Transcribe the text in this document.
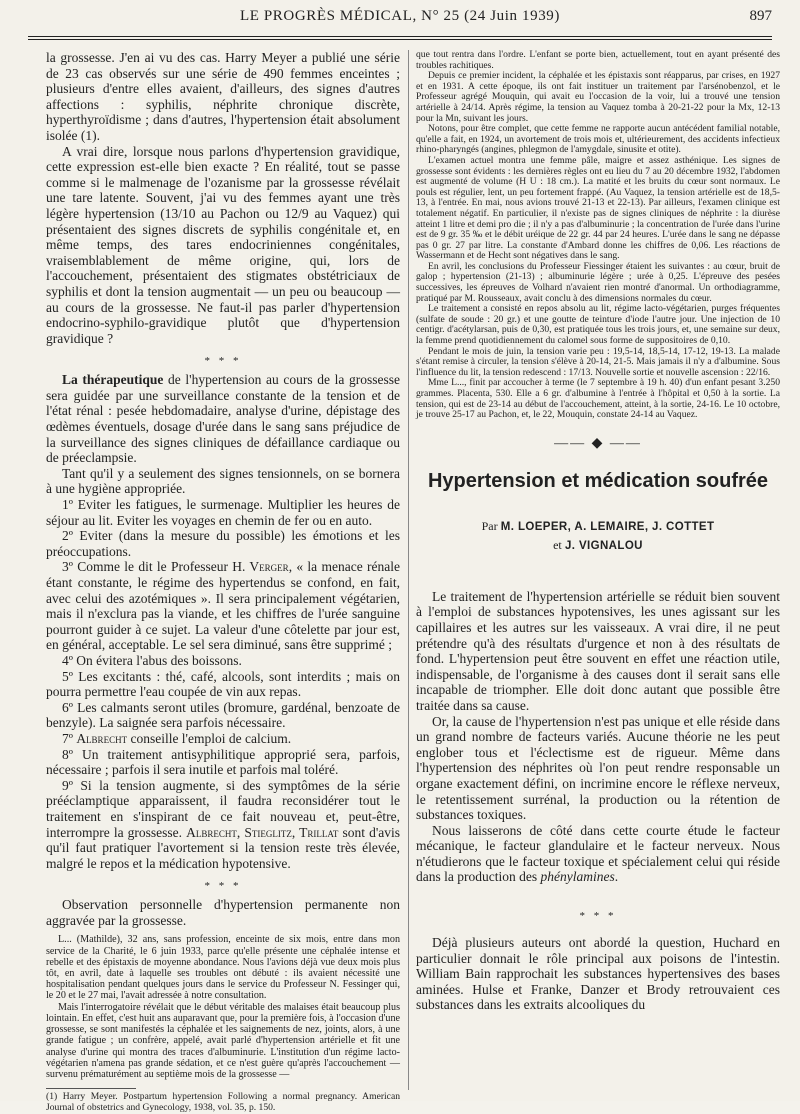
LE PROGRÈS MÉDICAL, N° 25 (24 Juin 1939)	897

la grossesse. J'en ai vu des cas. Harry Meyer a publié une série de 23 cas observés sur une série de 490 femmes enceintes ; plusieurs d'entre elles avaient, d'ailleurs, des signes d'autres affections : syphilis, néphrite chronique discrète, hyperthyroïdisme ; dans d'autres, l'hypertension était absolument isolée (1).

A vrai dire, lorsque nous parlons d'hypertension gravidique, cette expression est-elle bien exacte ? En réalité, tout se passe comme si le malmenage de l'ozanisme par la grossesse révélait une tare latente. Souvent, j'ai vu des femmes ayant une très légère hypertension (13/10 au Pachon ou 12/9 au Vaquez) qui présentaient des signes discrets de syphilis congénitale et, en même temps, des tares endocriniennes congénitales, vraisemblablement de même origine, qui, lors de l'accouchement, présentaient des stigmates obstétriciaux de syphilis et dont la tension augmentait — un peu ou beaucoup — au cours de la grossesse. Ne faut-il pas parler d'hypertension endocrino-syphilo-gravidique plutôt que d'hypertension gravidique ?

* * *

La thérapeutique de l'hypertension au cours de la grossesse sera guidée par une surveillance constante de la tension et de l'état rénal : pesée hebdomadaire, analyse d'urine, dépistage des œdèmes éventuels, dosage d'urée dans le sang sans préjudice de la surveillance des signes cliniques de défaillance cardiaque ou de préeclampsie.

Tant qu'il y a seulement des signes tensionnels, on se bornera à une hygiène appropriée.

1º Eviter les fatigues, le surmenage. Multiplier les heures de séjour au lit. Eviter les voyages en chemin de fer ou en auto.

2º Eviter (dans la mesure du possible) les émotions et les préoccupations.

3º Comme le dit le Professeur H. Verger, « la menace rénale étant constante, le régime des hypertendus se confond, en fait, avec celui des azotémiques ». Il sera principalement végétarien, mais il n'exclura pas la viande, et les chiffres de l'urée sanguine pourront guider à ce sujet. La valeur d'une côtelette par jour est, en général, acceptable. Le sel sera diminué, sans être supprimé ;

4º On évitera l'abus des boissons.

5º Les excitants : thé, café, alcools, sont interdits ; mais on pourra permettre l'eau coupée de vin aux repas.

6º Les calmants seront utiles (bromure, gardénal, benzoate de benzyle). La saignée sera parfois nécessaire.

7º Albrecht conseille l'emploi de calcium.

8º Un traitement antisyphilitique approprié sera, parfois, nécessaire ; parfois il sera inutile et parfois mal toléré.

9º Si la tension augmente, si des symptômes de la série prééclamptique apparaissent, il faudra reconsidérer tout le traitement en s'inspirant de ce fait nouveau et, peut-être, interrompre la grossesse. Albrecht, Stieglitz, Trillat sont d'avis qu'il faut pratiquer l'avortement si la tension reste très élevée, malgré le repos et la médication hypotensive.

* * *

Observation personnelle d'hypertension permanente non aggravée par la grossesse.

L... (Mathilde), 32 ans, sans profession, enceinte de six mois, entre dans mon service de la Charité, le 6 juin 1933, parce qu'elle présente une céphalée intense et rebelle et des épistaxis de moyenne abondance. Nous l'avions déjà vue deux mois plus tôt, en avril, date à laquelle ses troubles ont débuté : ils avaient nécessité une hospitalisation pendant quelques jours dans le service du Professeur N. Fessinger qui, le 20 et le 27 mai, l'avait adressée à notre consultation.

Mais l'interrogatoire révélait que le début véritable des malaises était beaucoup plus lointain. En effet, c'est huit ans auparavant que, pour la première fois, à l'occasion d'une grossesse, se sont manifestés la céphalée et les saignements de nez, joints, alors, à une grande fatigue ; un confrère, appelé, avait parlé d'hypertension artérielle et fit une analyse d'urine qui montra des traces d'albuminurie. L'institution d'un régime lacto-végétarien n'amena pas grande sédation, et ce n'est guère qu'après l'accouchement — survenu prématurément au septième mois de la grossesse —

(1) Harry Meyer. Postpartum hypertension Following a normal pregnancy. American Journal of obstetrics and Gynecology, 1938, vol. 35, p. 150.

que tout rentra dans l'ordre. L'enfant se porte bien, actuellement, tout en ayant présenté des troubles rachitiques.

Depuis ce premier incident, la céphalée et les épistaxis sont réapparus, par crises, en 1927 et en 1931. A cette époque, ils ont fait instituer un traitement par l'arsénobenzol, et le Professeur agrégé Mouquin, qui avait eu l'occasion de la voir, lui a trouvé une tension artérielle à 24/14. Après régime, la tension au Vaquez tomba à 20-21-22 pour la Mx, 12-13 pour la Mn, suivant les jours.

Notons, pour être complet, que cette femme ne rapporte aucun antécédent familial notable, qu'elle a fait, en 1924, un avortement de trois mois et, ultérieurement, des accidents infectieux rhino-pharyngés (angines, phlegmon de l'amygdale, sinusite et otite).

L'examen actuel montra une femme pâle, maigre et assez asthénique. Les signes de grossesse sont évidents : les dernières règles ont eu lieu du 7 au 20 décembre 1932, l'abdomen est augmenté de volume (H U : 18 cm.). La matité et les bruits du cœur sont normaux. Le pouls est régulier, lent, un peu fortement frappé. (Au Vaquez, la tension artérielle est de 18,5-13, à l'entrée. En mai, nous avions trouvé 21-13 et 22-13). Par ailleurs, l'examen clinique est totalement négatif. En particulier, il n'existe pas de signes cliniques de néphrite : la diurèse atteint 1 litre et demi pro die ; il n'y a pas d'albuminurie ; la concentration de l'urée dans l'urine est de 9 gr. 35 ‰ et le débit uréique de 22 gr. 44 par 24 heures. L'urée dans le sang ne dépasse pas 0 gr. 27 par litre. La constante d'Ambard donne les chiffres de 0,06. Les réactions de Wassermann et de Hecht sont négatives dans le sang.

En avril, les conclusions du Professeur Fiessinger étaient les suivantes : au cœur, bruit de galop ; hypertension (21-13) ; albuminurie légère ; urée à 0,25. L'épreuve des pesées successives, les épreuves de Volhard n'avaient rien montré d'anormal. Un orthodiagramme, pratiqué par M. Rousseaux, avait conclu à des dimensions normales du cœur.

Le traitement a consisté en repos absolu au lit, régime lacto-végétarien, purges fréquentes (sulfate de soude : 20 gr.) et une goutte de teinture d'iode l'autre jour. Une injection de 10 centigr. d'acétylarsan, puis de 0,30, est pratiquée tous les trois jours, et, une semaine sur deux, la femme prend quotidiennement du calomel sous forme de suppositoires de 0,10.

Pendant le mois de juin, la tension varie peu : 19,5-14, 18,5-14, 17-12, 19-13. La malade s'étant remise à circuler, la tension s'élève à 20-14, 21-5. Mais jamais il n'y a d'albumine. Sous l'influence du lit, la tension redescend : 17/13. Nouvelle sortie et nouvelle ascension : 22/16.

Mme L..., finit par accoucher à terme (le 7 septembre à 19 h. 40) d'un enfant pesant 3.250 grammes. Placenta, 530. Elle a 6 gr. d'albumine à l'entrée à l'hôpital et 0,50 à la sortie. La tension, qui est de 23-14 au début de l'accouchement, atteint, à la sortie, 24-16. Le 10 octobre, je trouve 25-17 au Pachon, et, le 22, Mouquin, constate 24-14 au Vaquez.

—— ◆ ——
Hypertension et médication soufrée
Par M. LOEPER, A. LEMAIRE, J. COTTET
et J. VIGNALOU

Le traitement de l'hypertension artérielle se réduit bien souvent à l'emploi de substances hypotensives, les unes agissant sur les capillaires et les autres sur les vaisseaux. A vrai dire, il ne peut prétendre qu'à des résultats d'urgence et non à des résultats de fond. L'hypertension peut être souvent en effet une réaction utile, indispensable, de l'organisme à des causes dont il serait sans elle incapable de triompher. Elle doit donc autant que possible être traitée dans sa cause.

Or, la cause de l'hypertension n'est pas unique et elle réside dans un grand nombre de facteurs variés. Aucune théorie ne les peut englober tous et l'éclectisme est de rigueur. Même dans l'hypertension des néphrites où l'on peut rendre responsable un organe exactement défini, on incrimine encore le réflexe nerveux, le retentissement surrénal, la production ou la rétention de substances toxiques.

Nous laisserons de côté dans cette courte étude le facteur mécanique, le facteur glandulaire et le facteur nerveux. Nous n'étudierons que le facteur toxique et spécialement celui qui réside dans la production des phénylamines.

* * *

Déjà plusieurs auteurs ont abordé la question, Huchard en particulier donnait le rôle principal aux poisons de l'intestin. William Bain rapprochait les substances hypertensives des bases aminées. Hulse et Franke, Danzer et Brody retrouvaient ces substances dans les extraits alcooliques du
